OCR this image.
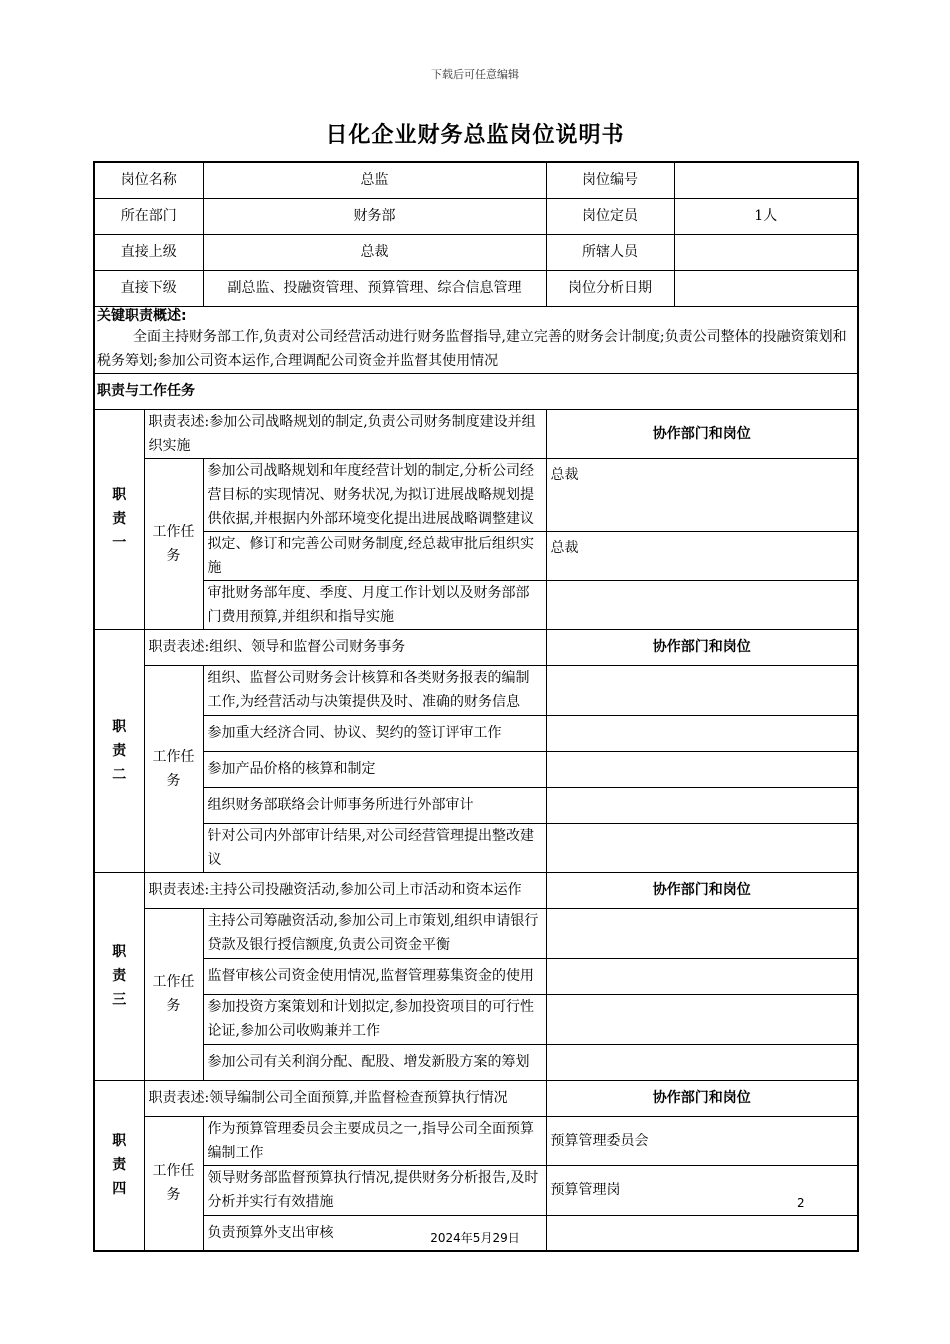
下载后可任意编辑
日化企业财务总监岗位说明书
岗位名称		总监	岗位编号	
所在部门		财务部	岗位定员	1人
直接上级		总裁	所辖人员	
直接下级		副总监、投融资管理、预算管理、综合信息管理	岗位分析日期	

关键职责概述:
全面主持财务部工作,负责对公司经营活动进行财务监督指导,建立完善的财务会计制度;负责公司整体的投融资策划和税务筹划;参加公司资本运作,合理调配公司资金并监督其使用情况				

职责与工作任务				

职
责
一	职责表述:参加公司战略规划的制定,负责公司财务制度建设并组织实施		协作部门和岗位	
	工作任务	参加公司战略规划和年度经营计划的制定,分析公司经营目标的实现情况、财务状况,为拟订进展战略规划提供依据,并根据内外部环境变化提出进展战略调整建议	总裁	
		拟定、修订和完善公司财务制度,经总裁审批后组织实施	总裁	
		审批财务部年度、季度、月度工作计划以及财务部部门费用预算,并组织和指导实施		

职
责
二	职责表述:组织、领导和监督公司财务事务		协作部门和岗位	
	工作任务	组织、监督公司财务会计核算和各类财务报表的编制工作,为经营活动与决策提供及时、准确的财务信息		
		参加重大经济合同、协议、契约的签订评审工作		
		参加产品价格的核算和制定		
		组织财务部联络会计师事务所进行外部审计		
		针对公司内外部审计结果,对公司经营管理提出整改建议		

职
责
三	职责表述:主持公司投融资活动,参加公司上市活动和资本运作		协作部门和岗位	
	工作任务	主持公司筹融资活动,参加公司上市策划,组织申请银行贷款及银行授信额度,负责公司资金平衡		
		监督审核公司资金使用情况,监督管理募集资金的使用		
		参加投资方案策划和计划拟定,参加投资项目的可行性论证,参加公司收购兼并工作		
		参加公司有关利润分配、配股、增发新股方案的筹划		

职
责
四	职责表述:领导编制公司全面预算,并监督检查预算执行情况		协作部门和岗位	
	工作任务	作为预算管理委员会主要成员之一,指导公司全面预算编制工作	预算管理委员会	
		领导财务部监督预算执行情况,提供财务分析报告,及时分析并实行有效措施	预算管理岗	
		负责预算外支出审核		
2
2024年5月29日
